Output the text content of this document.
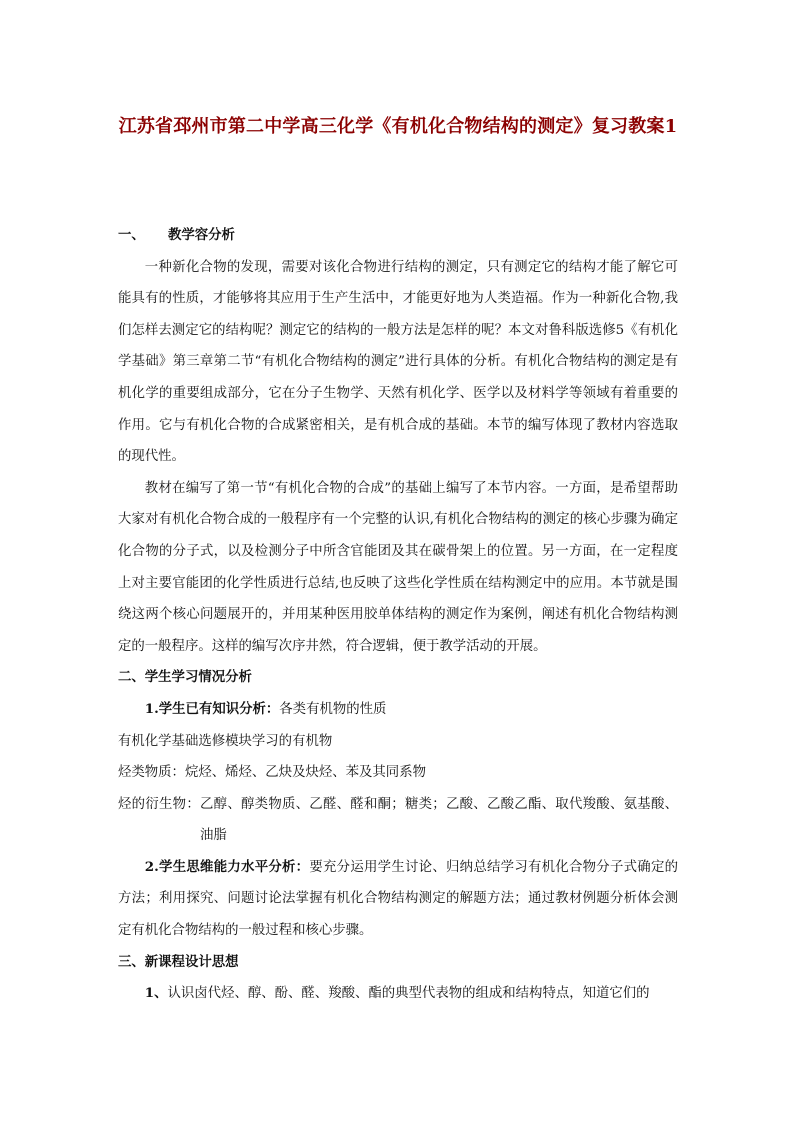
江苏省邳州市第二中学高三化学《有机化合物结构的测定》复习教案1

一、 教学容分析

一种新化合物的发现，需要对该化合物进行结构的测定，只有测定它的结构才能了解它可能具有的性质，才能够将其应用于生产生活中，才能更好地为人类造福。作为一种新化合物,我们怎样去测定它的结构呢？测定它的结构的一般方法是怎样的呢？本文对鲁科版选修5《有机化学基础》第三章第二节“有机化合物结构的测定”进行具体的分析。有机化合物结构的测定是有机化学的重要组成部分，它在分子生物学、天然有机化学、医学以及材料学等领域有着重要的作用。它与有机化合物的合成紧密相关，是有机合成的基础。本节的编写体现了教材内容选取的现代性。

教材在编写了第一节“有机化合物的合成”的基础上编写了本节内容。一方面，是希望帮助大家对有机化合物合成的一般程序有一个完整的认识,有机化合物结构的测定的核心步骤为确定化合物的分子式，以及检测分子中所含官能团及其在碳骨架上的位置。另一方面，在一定程度上对主要官能团的化学性质进行总结,也反映了这些化学性质在结构测定中的应用。本节就是围绕这两个核心问题展开的，并用某种医用胶单体结构的测定作为案例，阐述有机化合物结构测定的一般程序。这样的编写次序井然，符合逻辑，便于教学活动的开展。

二、学生学习情况分析

1.学生已有知识分析：各类有机物的性质

有机化学基础选修模块学习的有机物

烃类物质：烷烃、烯烃、乙炔及炔烃、苯及其同系物

烃的衍生物：乙醇、醇类物质、乙醛、醛和酮；糖类；乙酸、乙酸乙酯、取代羧酸、氨基酸、油脂

2.学生思维能力水平分析：要充分运用学生讨论、归纳总结学习有机化合物分子式确定的方法；利用探究、问题讨论法掌握有机化合物结构测定的解题方法；通过教材例题分析体会测定有机化合物结构的一般过程和核心步骤。

三、新课程设计思想

1、认识卤代烃、醇、酚、醛、羧酸、酯的典型代表物的组成和结构特点，知道它们的
